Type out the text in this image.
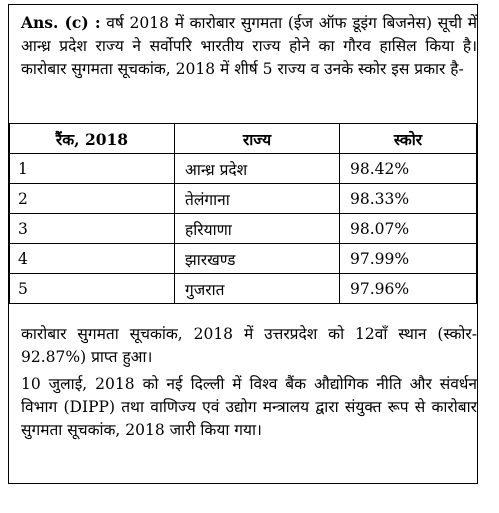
Ans. (c) : वर्ष 2018 में कारोबार सुगमता (ईज ऑफ डूइंग बिजनेस) सूची में आन्ध्र प्रदेश राज्य ने सर्वोपरि भारतीय राज्य होने का गौरव हासिल किया है। कारोबार सुगमता सूचकांक, 2018 में शीर्ष 5 राज्य व उनके स्कोर इस प्रकार है-
रैंक, 2018	राज्य	स्कोर
1	आन्ध्र प्रदेश	98.42%
2	तेलंगाना	98.33%
3	हरियाणा	98.07%
4	झारखण्ड	97.99%
5	गुजरात	97.96%
कारोबार सुगमता सूचकांक, 2018 में उत्तरप्रदेश को 12वाँ स्थान (स्कोर- 92.87%) प्राप्त हुआ।
10 जुलाई, 2018 को नई दिल्ली में विश्व बैंक औद्योगिक नीति और संवर्धन विभाग (DIPP) तथा वाणिज्य एवं उद्योग मन्त्रालय द्वारा संयुक्त रूप से कारोबार सुगमता सूचकांक, 2018 जारी किया गया।
